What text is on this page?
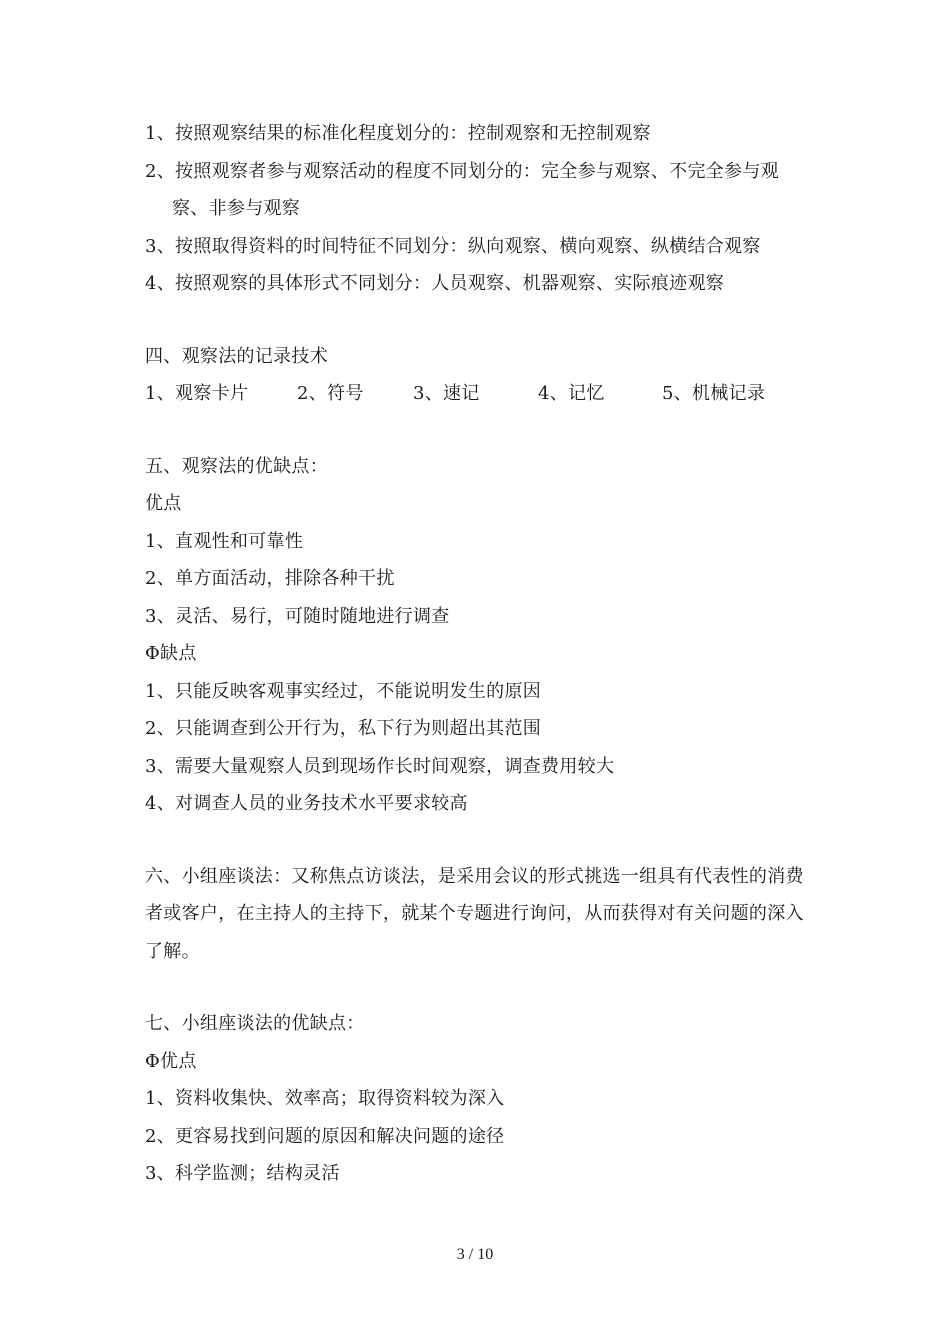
1、按照观察结果的标准化程度划分的：控制观察和无控制观察
2、按照观察者参与观察活动的程度不同划分的：完全参与观察、不完全参与观察、非参与观察
3、按照取得资料的时间特征不同划分：纵向观察、横向观察、纵横结合观察
4、按照观察的具体形式不同划分：人员观察、机器观察、实际痕迹观察
四、观察法的记录技术
1、观察卡片	2、符号	3、速记	4、记忆	5、机械记录
五、观察法的优缺点：
优点
1、直观性和可靠性
2、单方面活动，排除各种干扰
3、灵活、易行，可随时随地进行调查
Φ缺点
1、只能反映客观事实经过，不能说明发生的原因
2、只能调查到公开行为，私下行为则超出其范围
3、需要大量观察人员到现场作长时间观察，调查费用较大
4、对调查人员的业务技术水平要求较高
六、小组座谈法：又称焦点访谈法，是采用会议的形式挑选一组具有代表性的消费者或客户，在主持人的主持下，就某个专题进行询问，从而获得对有关问题的深入了解。
七、小组座谈法的优缺点：
Φ优点
1、资料收集快、效率高；取得资料较为深入
2、更容易找到问题的原因和解决问题的途径
3、科学监测；结构灵活
3 / 10
